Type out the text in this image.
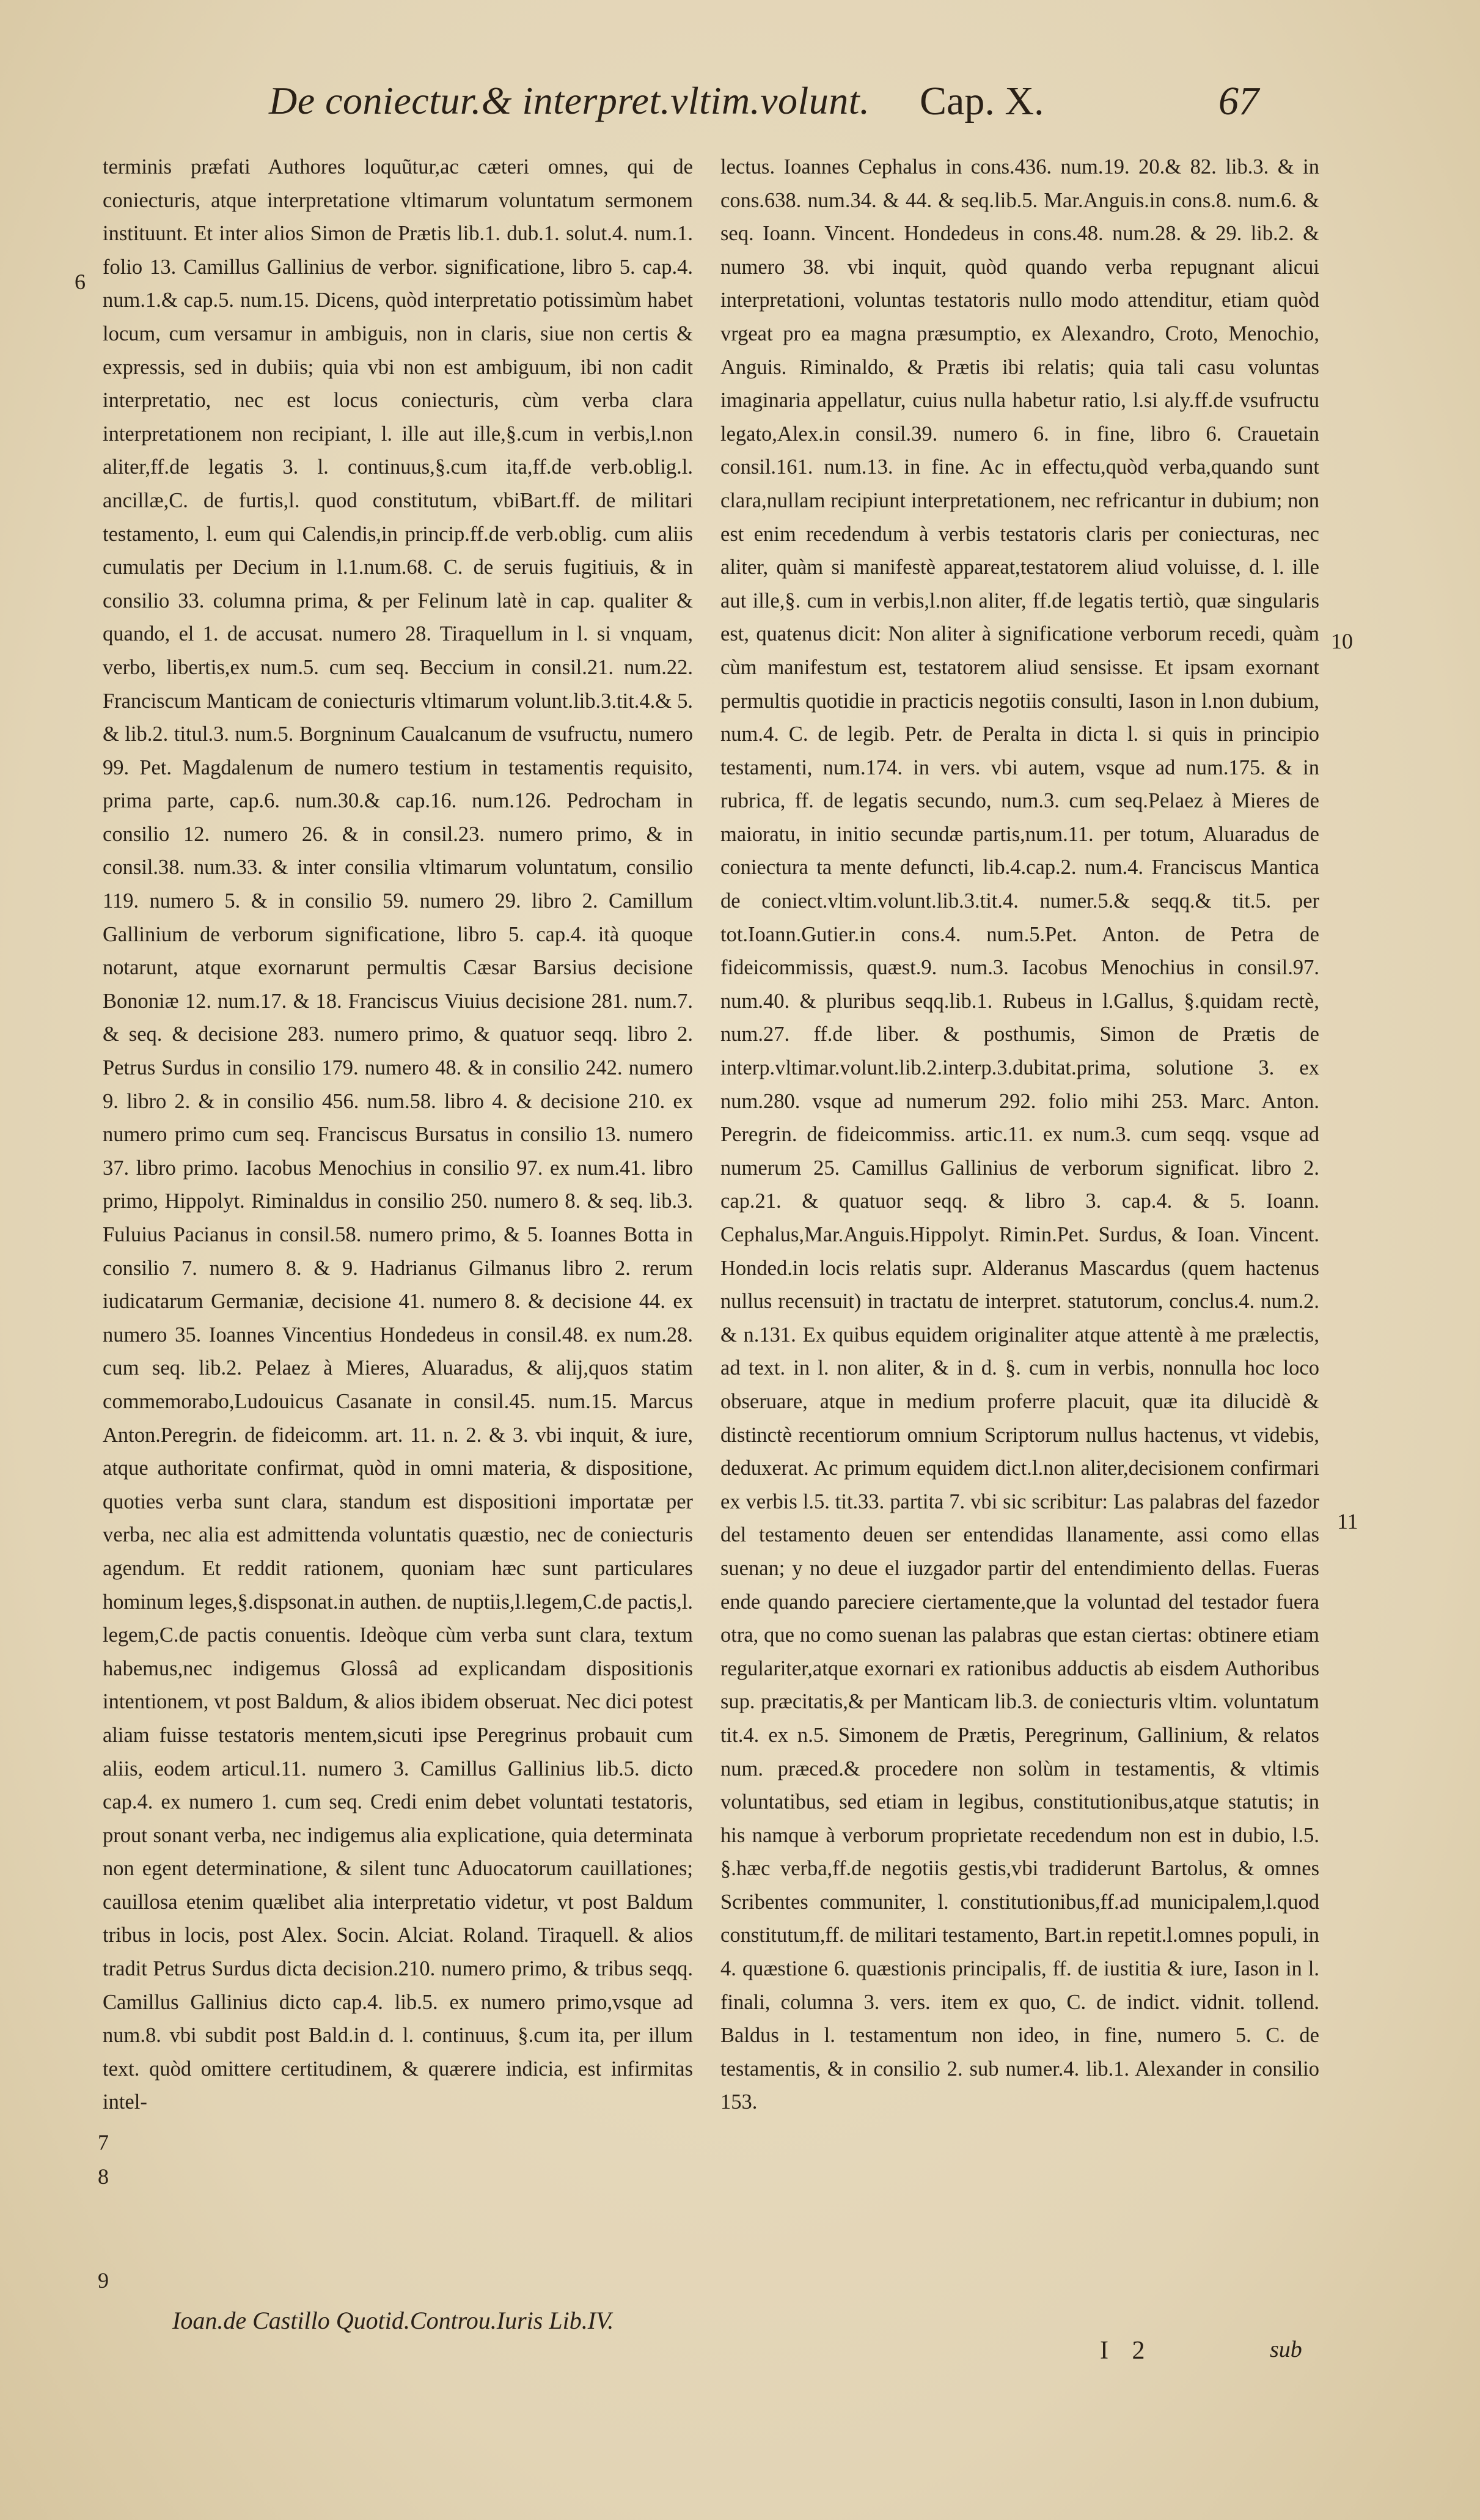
De coniectur.& interpret.vltim.volunt. Cap. X.	67

terminis præfati Authores loquũtur,ac cæteri omnes, qui de coniecturis, atque interpretatione vltimarum voluntatum sermonem instituunt. Et inter alios Simon de Prætis lib.1. dub.1. solut.4. num.1. folio 13. Camillus Gallinius de verbor. significatione, libro 5. cap.4. num.1.& cap.5. num.15. Dicens, quòd interpretatio potissimùm habet locum, cum versamur in ambiguis, non in claris, siue non certis & expressis, sed in dubiis; quia vbi non est ambiguum, ibi non cadit interpretatio, nec est locus coniecturis, cùm verba clara interpretationem non recipiant, l. ille aut ille,§.cum in verbis,l.non aliter,ff.de legatis 3. l. continuus,§.cum ita,ff.de verb.oblig.l. ancillæ,C. de furtis,l. quod constitutum, vbiBart.ff. de militari testamento, l. eum qui Calendis,in princip.ff.de verb.oblig. cum aliis cumulatis per Decium in l.1.num.68. C. de seruis fugitiuis, & in consilio 33. columna prima, & per Felinum latè in cap. qualiter & quando, el 1. de accusat. numero 28. Tiraquellum in l. si vnquam, verbo, libertis,ex num.5. cum seq. Beccium in consil.21. num.22. Franciscum Manticam de coniecturis vltimarum volunt.lib.3.tit.4.& 5. & lib.2. titul.3. num.5. Borgninum Caualcanum de vsufructu, numero 99. Pet. Magdalenum de numero testium in testamentis requisito, prima parte, cap.6. num.30.& cap.16. num.126. Pedrocham in consilio 12. numero 26. & in consil.23. numero primo, & in consil.38. num.33. & inter consilia vltimarum voluntatum, consilio 119. numero 5. & in consilio 59. numero 29. libro 2. Camillum Gallinium de verborum significatione, libro 5. cap.4. ità quoque notarunt, atque exornarunt permultis Cæsar Barsius decisione Bononiæ 12. num.17. & 18. Franciscus Viuius decisione 281. num.7. & seq. & decisione 283. numero primo, & quatuor seqq. libro 2. Petrus Surdus in consilio 179. numero 48. & in consilio 242. numero 9. libro 2. & in consilio 456. num.58. libro 4. & decisione 210. ex numero primo cum seq. Franciscus Bursatus in consilio 13. numero 37. libro primo. Iacobus Menochius in consilio 97. ex num.41. libro primo, Hippolyt. Riminaldus in consilio 250. numero 8. & seq. lib.3. Fuluius Pacianus in consil.58. numero primo, & 5. Ioannes Botta in consilio 7. numero 8. & 9. Hadrianus Gilmanus libro 2. rerum iudicatarum Germaniæ, decisione 41. numero 8. & decisione 44. ex numero 35. Ioannes Vincentius Hondedeus in consil.48. ex num.28. cum seq. lib.2. Pelaez à Mieres, Aluaradus, & alij,quos statim commemorabo,Ludouicus Casanate in consil.45. num.15. Marcus Anton.Peregrin. de fideicomm. art. 11. n. 2. & 3. vbi inquit, & iure, atque authoritate confirmat, quòd in omni materia, & dispositione, quoties verba sunt clara, standum est dispositioni importatæ per verba, nec alia est admittenda voluntatis quæstio, nec de coniecturis agendum. Et reddit rationem, quoniam hæc sunt particulares hominum leges,§.dispsonat.in authen. de nuptiis,l.legem,C.de pactis,l. legem,C.de pactis conuentis. Ideòque cùm verba sunt clara, textum habemus,nec indigemus Glossâ ad explicandam dispositionis intentionem, vt post Baldum, & alios ibidem obseruat. Nec dici potest aliam fuisse testatoris mentem,sicuti ipse Peregrinus probauit cum aliis, eodem articul.11. numero 3. Camillus Gallinius lib.5. dicto cap.4. ex numero 1. cum seq. Credi enim debet voluntati testatoris, prout sonant verba, nec indigemus alia explicatione, quia determinata non egent determinatione, & silent tunc Aduocatorum cauillationes; cauillosa etenim quælibet alia interpretatio videtur, vt post Baldum tribus in locis, post Alex. Socin. Alciat. Roland. Tiraquell. & alios tradit Petrus Surdus dicta decision.210. numero primo, & tribus seqq. Camillus Gallinius dicto cap.4. lib.5. ex numero primo,vsque ad num.8. vbi subdit post Bald.in d. l. continuus, §.cum ita, per illum text. quòd omittere certitudinem, & quærere indicia, est infirmitas intel-

lectus. Ioannes Cephalus in cons.436. num.19. 20.& 82. lib.3. & in cons.638. num.34. & 44. & seq.lib.5. Mar.Anguis.in cons.8. num.6. & seq. Ioann. Vincent. Hondedeus in cons.48. num.28. & 29. lib.2. & numero 38. vbi inquit, quòd quando verba repugnant alicui interpretationi, voluntas testatoris nullo modo attenditur, etiam quòd vrgeat pro ea magna præsumptio, ex Alexandro, Croto, Menochio, Anguis. Riminaldo, & Prætis ibi relatis; quia tali casu voluntas imaginaria appellatur, cuius nulla habetur ratio, l.si aly.ff.de vsufructu legato,Alex.in consil.39. numero 6. in fine, libro 6. Crauetain consil.161. num.13. in fine. Ac in effectu,quòd verba,quando sunt clara,nullam recipiunt interpretationem, nec refricantur in dubium; non est enim recedendum à verbis testatoris claris per coniecturas, nec aliter, quàm si manifestè appareat,testatorem aliud voluisse, d. l. ille aut ille,§. cum in verbis,l.non aliter, ff.de legatis tertiò, quæ singularis est, quatenus dicit: Non aliter à significatione verborum recedi, quàm cùm manifestum est, testatorem aliud sensisse. Et ipsam exornant permultis quotidie in practicis negotiis consulti, Iason in l.non dubium, num.4. C. de legib. Petr. de Peralta in dicta l. si quis in principio testamenti, num.174. in vers. vbi autem, vsque ad num.175. & in rubrica, ff. de legatis secundo, num.3. cum seq.Pelaez à Mieres de maioratu, in initio secundæ partis,num.11. per totum, Aluaradus de coniectura ta mente defuncti, lib.4.cap.2. num.4. Franciscus Mantica de coniect.vltim.volunt.lib.3.tit.4. numer.5.& seqq.& tit.5. per tot.Ioann.Gutier.in cons.4. num.5.Pet. Anton. de Petra de fideicommissis, quæst.9. num.3. Iacobus Menochius in consil.97. num.40. & pluribus seqq.lib.1. Rubeus in l.Gallus, §.quidam rectè, num.27. ff.de liber. & posthumis, Simon de Prætis de interp.vltimar.volunt.lib.2.interp.3.dubitat.prima, solutione 3. ex num.280. vsque ad numerum 292. folio mihi 253. Marc. Anton. Peregrin. de fideicommiss. artic.11. ex num.3. cum seqq. vsque ad numerum 25. Camillus Gallinius de verborum significat. libro 2. cap.21. & quatuor seqq. & libro 3. cap.4. & 5. Ioann. Cephalus,Mar.Anguis.Hippolyt. Rimin.Pet. Surdus, & Ioan. Vincent. Honded.in locis relatis supr. Alderanus Mascardus (quem hactenus nullus recensuit) in tractatu de interpret. statutorum, conclus.4. num.2. & n.131. Ex quibus equidem originaliter atque attentè à me prælectis, ad text. in l. non aliter, & in d. §. cum in verbis, nonnulla hoc loco obseruare, atque in medium proferre placuit, quæ ita dilucidè & distinctè recentiorum omnium Scriptorum nullus hactenus, vt videbis, deduxerat. Ac primum equidem dict.l.non aliter,decisionem confirmari ex verbis l.5. tit.33. partita 7. vbi sic scribitur: Las palabras del fazedor del testamento deuen ser entendidas llanamente, assi como ellas suenan; y no deue el iuzgador partir del entendimiento dellas. Fueras ende quando pareciere ciertamente,que la voluntad del testador fuera otra, que no como suenan las palabras que estan ciertas: obtinere etiam regulariter,atque exornari ex rationibus adductis ab eisdem Authoribus sup. præcitatis,& per Manticam lib.3. de coniecturis vltim. voluntatum tit.4. ex n.5. Simonem de Prætis, Peregrinum, Gallinium, & relatos num. præced.& procedere non solùm in testamentis, & vltimis voluntatibus, sed etiam in legibus, constitutionibus,atque statutis; in his namque à verborum proprietate recedendum non est in dubio, l.5. §.hæc verba,ff.de negotiis gestis,vbi tradiderunt Bartolus, & omnes Scribentes communiter, l. constitutionibus,ff.ad municipalem,l.quod constitutum,ff. de militari testamento, Bart.in repetit.l.omnes populi, in 4. quæstione 6. quæstionis principalis, ff. de iustitia & iure, Iason in l. finali, columna 3. vers. item ex quo, C. de indict. vidnit. tollend. Baldus in l. testamentum non ideo, in fine, numero 5. C. de testamentis, & in consilio 2. sub numer.4. lib.1. Alexander in consilio 153.

6
7
8
9
10
11
Ioan.de Castillo Quotid.Controu.Iuris Lib.IV.
I 2	sub
